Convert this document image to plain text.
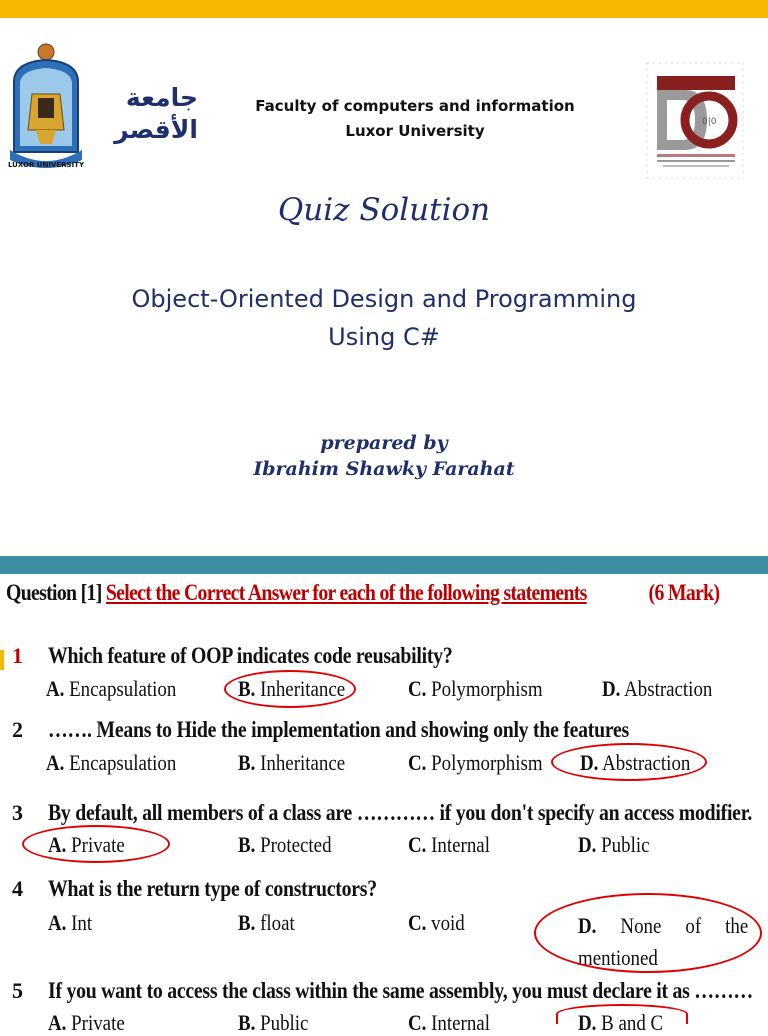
LUXOR UNIVERSITY
جامعة
الأقصر
Faculty of computers and information
Luxor University	0|0
Quiz Solution
Object-Oriented Design and Programming
Using C#
prepared by
Ibrahim Shawky Farahat
Question [1] Select the Correct Answer for each of the following statements	(6 Mark)
1 Which feature of OOP indicates code reusability?
A. Encapsulation	B. Inheritance	C. Polymorphism	D. Abstraction
2 ……. Means to Hide the implementation and showing only the features
A. Encapsulation	B. Inheritance	C. Polymorphism D. Abstraction
3 By default, all members of a class are ………… if you don't specify an access modifier.
A. Private	B. Protected	C. Internal	D. Public
4 What is the return type of constructors?
A. Int	B. float	C. void	D. None of the mentioned
5 If you want to access the class within the same assembly, you must declare it as ………
A. Private	B. Public	C. Internal	D. B and C
